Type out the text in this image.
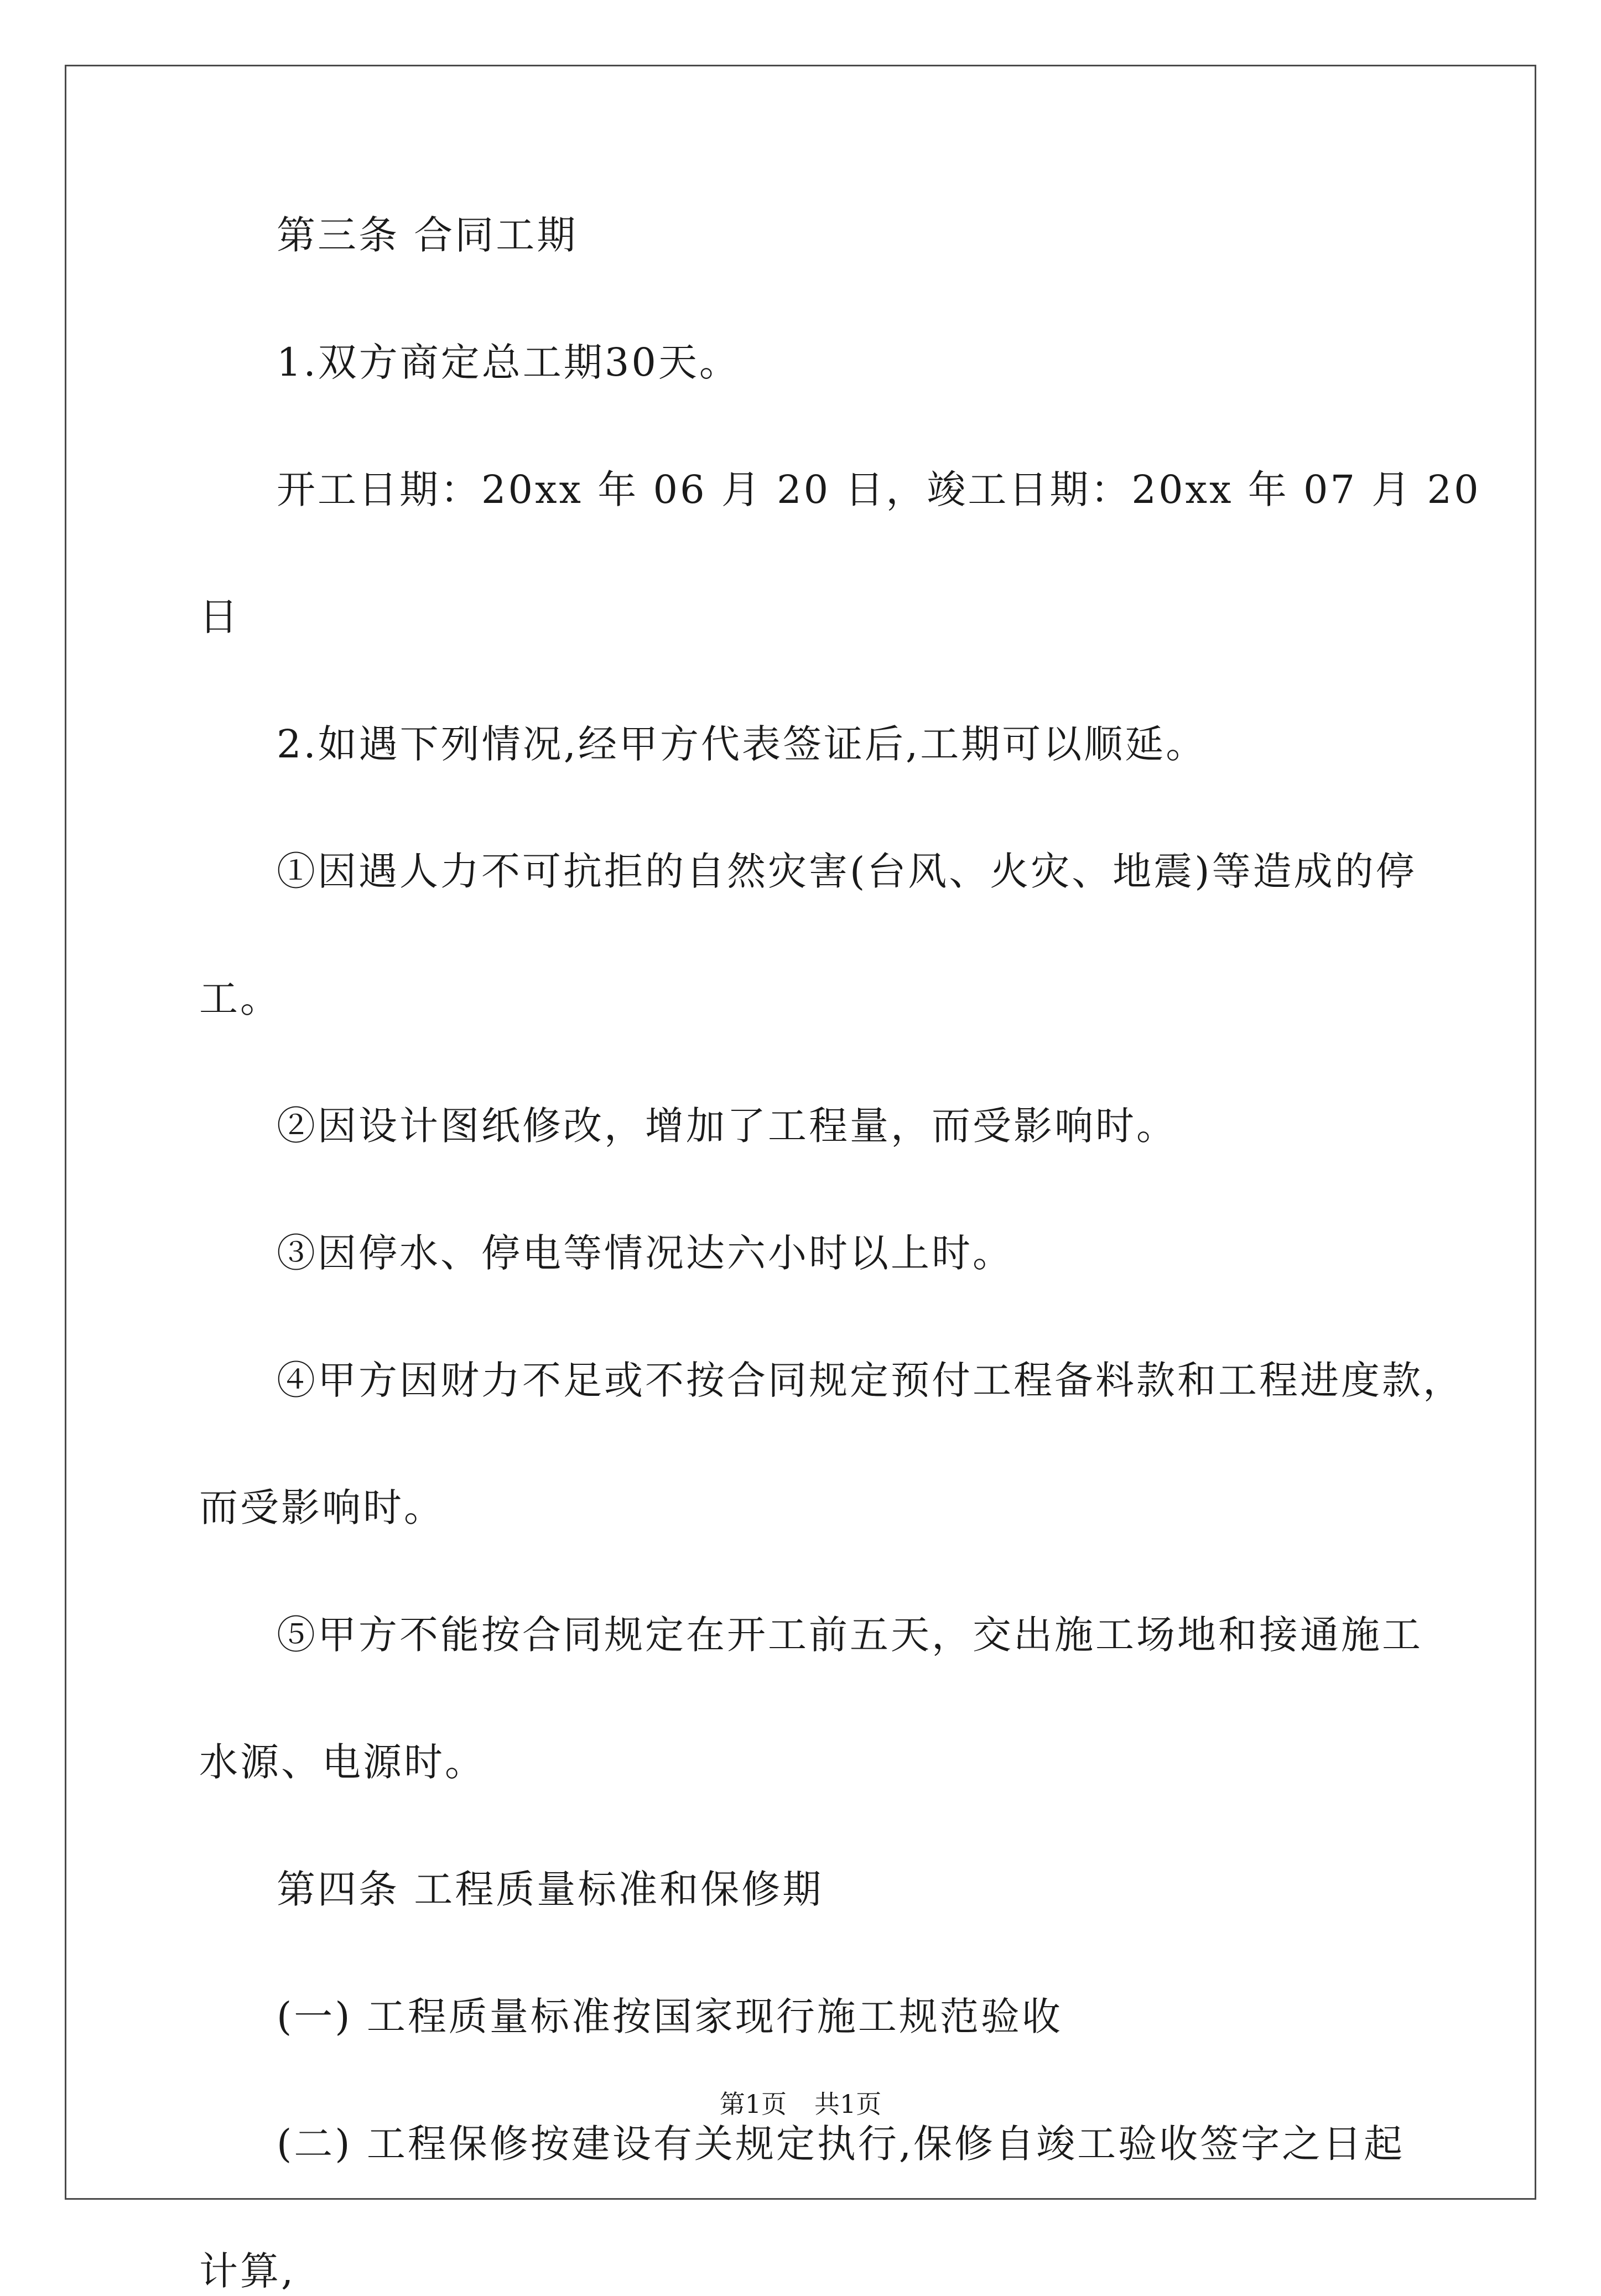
第三条 合同工期
1.双方商定总工期30天。
开工日期：20xx 年 06 月 20 日，竣工日期：20xx 年 07 月 20
日
2.如遇下列情况,经甲方代表签证后,工期可以顺延。
①因遇人力不可抗拒的自然灾害(台风、火灾、地震)等造成的停
工。
②因设计图纸修改，增加了工程量，而受影响时。
③因停水、停电等情况达六小时以上时。
④甲方因财力不足或不按合同规定预付工程备料款和工程进度款，
而受影响时。
⑤甲方不能按合同规定在开工前五天，交出施工场地和接通施工
水源、电源时。
第四条 工程质量标准和保修期
(一) 工程质量标准按国家现行施工规范验收
(二) 工程保修按建设有关规定执行,保修自竣工验收签字之日起
计算,
第1页 共1页
